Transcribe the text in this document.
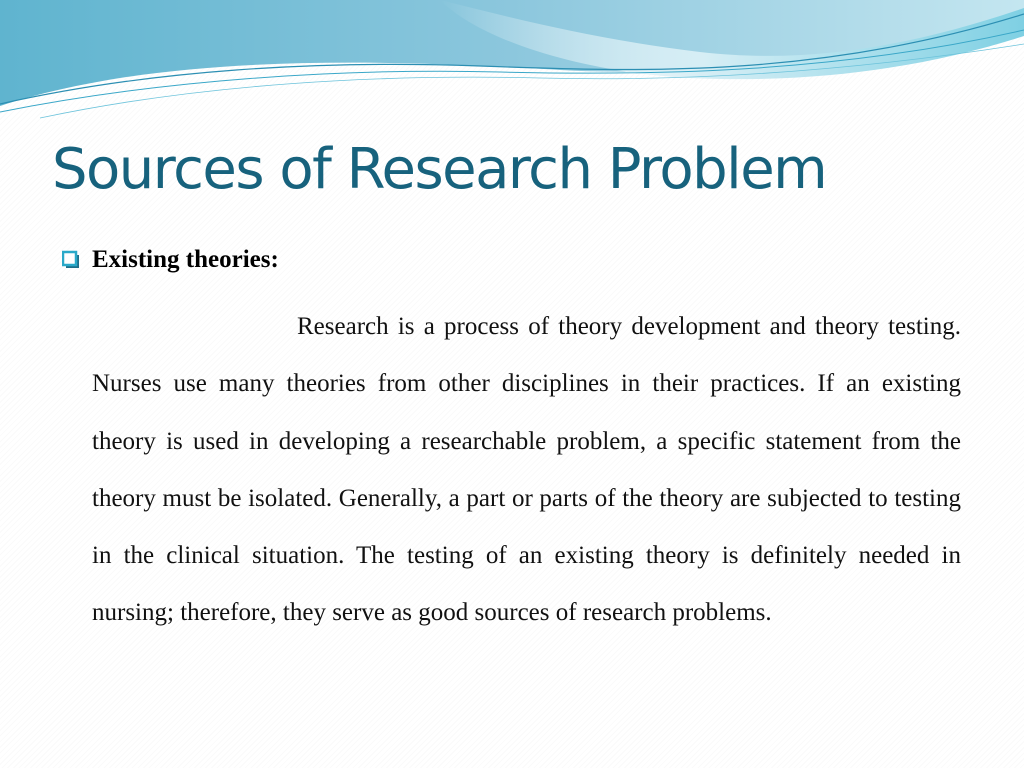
Sources of Research Problem
Existing theories:

Research is a process of theory development and theory testing. Nurses use many theories from other disciplines in their practices. If an existing theory is used in developing a researchable problem, a specific statement from the theory must be isolated. Generally, a part or parts of the theory are subjected to testing in the clinical situation. The testing of an existing theory is definitely needed in nursing; therefore, they serve as good sources of research problems.
